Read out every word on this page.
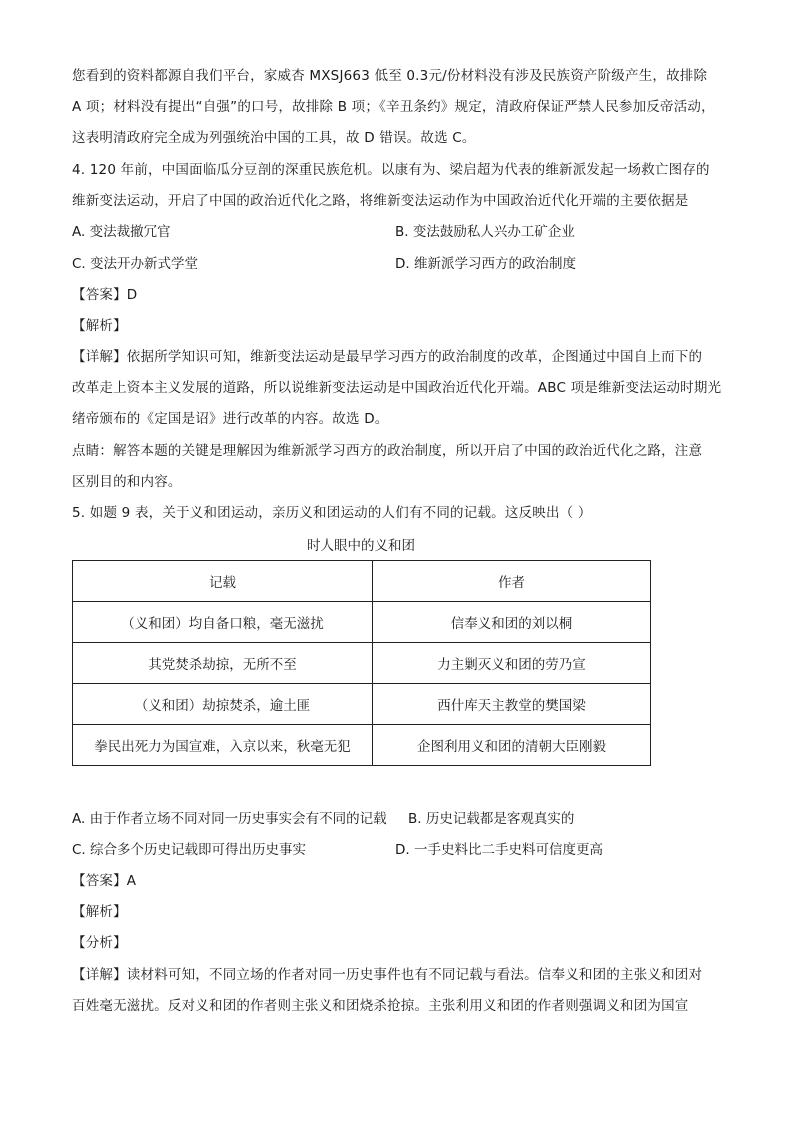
您看到的资料都源自我们平台，家威杏 MXSJ663 低至 0.3元/份材料没有涉及民族资产阶级产生，故排除
A 项；材料没有提出“自强”的口号，故排除 B 项；《辛丑条约》规定，清政府保证严禁人民参加反帝活动，
这表明清政府完全成为列强统治中国的工具，故 D 错误。故选 C。
4. 120 年前，中国面临瓜分豆剖的深重民族危机。以康有为、梁启超为代表的维新派发起一场救亡图存的
维新变法运动，开启了中国的政治近代化之路，将维新变法运动作为中国政治近代化开端的主要依据是
A. 变法裁撤冗官	B. 变法鼓励私人兴办工矿企业
C. 变法开办新式学堂	D. 维新派学习西方的政治制度
【答案】D
【解析】
【详解】依据所学知识可知，维新变法运动是最早学习西方的政治制度的改革，企图通过中国自上而下的
改革走上资本主义发展的道路，所以说维新变法运动是中国政治近代化开端。ABC 项是维新变法运动时期光
绪帝颁布的《定国是诏》进行改革的内容。故选 D。
点睛：解答本题的关键是理解因为维新派学习西方的政治制度，所以开启了中国的政治近代化之路，注意
区别目的和内容。
5. 如题 9 表，关于义和团运动，亲历义和团运动的人们有不同的记载。这反映出（ ）
时人眼中的义和团
记载	作者
（义和团）均自备口粮，毫无滋扰	信奉义和团的刘以桐
其党焚杀劫掠，无所不至	力主剿灭义和团的劳乃宣
（义和团）劫掠焚杀，逾土匪	西什库天主教堂的樊国梁
拳民出死力为国宣难，入京以来，秋毫无犯	企图利用义和团的清朝大臣刚毅
A. 由于作者立场不同对同一历史事实会有不同的记载 B. 历史记载都是客观真实的
C. 综合多个历史记载即可得出历史事实	D. 一手史料比二手史料可信度更高
【答案】A
【解析】
【分析】
【详解】读材料可知，不同立场的作者对同一历史事件也有不同记载与看法。信奉义和团的主张义和团对
百姓毫无滋扰。反对义和团的作者则主张义和团烧杀抢掠。主张利用义和团的作者则强调义和团为国宣
